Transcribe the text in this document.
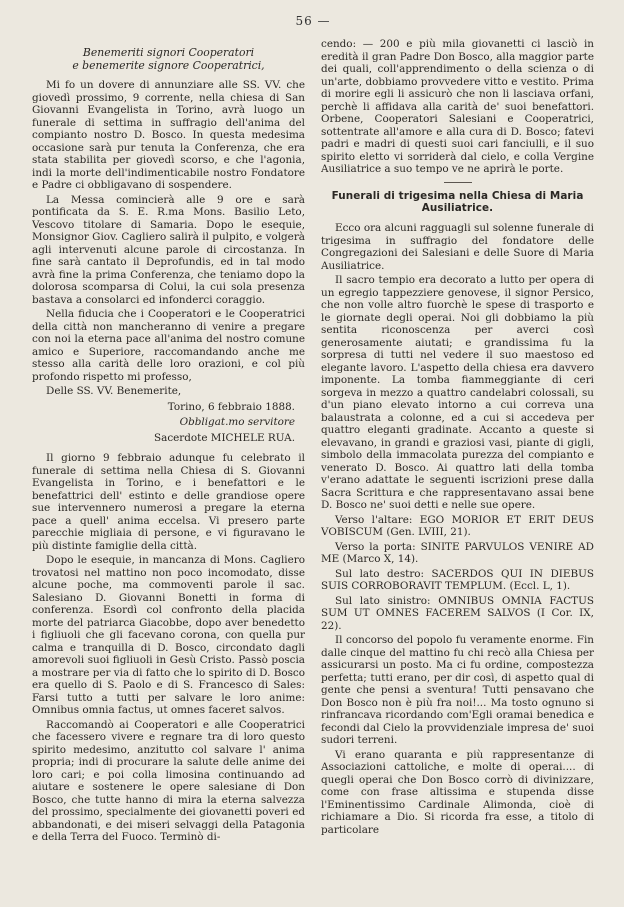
56 —
Benemeriti signori Cooperatori
e benemerite signore Cooperatrici,

Mi fo un dovere di annunziare alle SS. VV. che giovedì prossimo, 9 corrente, nella chiesa di San Giovanni Evangelista in Torino, avrà luogo un funerale di settima in suffragio dell'anima del compianto nostro D. Bosco. In questa medesima occasione sarà pur tenuta la Conferenza, che era stata stabilita per giovedì scorso, e che l'agonia, indi la morte dell'indimenticabile nostro Fondatore e Padre ci obbligavano di sospendere.

La Messa comincierà alle 9 ore e sarà pontificata da S. E. R.ma Mons. Basilio Leto, Vescovo titolare di Samaria. Dopo le esequie, Monsignor Giov. Cagliero salirà il pulpito, e volgerà agli intervenuti alcune parole di circostanza. In fine sarà cantato il Deprofundis, ed in tal modo avrà fine la prima Conferenza, che teniamo dopo la dolorosa scomparsa di Colui, la cui sola presenza bastava a consolarci ed infonderci coraggio.

Nella fiducia che i Cooperatori e le Cooperatrici della città non mancheranno di venire a pregare con noi la eterna pace all'anima del nostro comune amico e Superiore, raccomandando anche me stesso alla carità delle loro orazioni, e col più profondo rispetto mi professo,

Delle SS. VV. Benemerite,

Torino, 6 febbraio 1888.
Obbligat.mo servitore
Sacerdote MICHELE RUA.

Il giorno 9 febbraio adunque fu celebrato il funerale di settima nella Chiesa di S. Giovanni Evangelista in Torino, e i benefattori e le benefattrici dell' estinto e delle grandiose opere sue intervennero numerosi a pregare la eterna pace a quell' anima eccelsa. Vi presero parte parecchie migliaia di persone, e vi figuravano le più distinte famiglie della città.

Dopo le esequie, in mancanza di Mons. Cagliero trovatosi nel mattino non poco incomodato, disse alcune poche, ma commoventi parole il sac. Salesiano D. Giovanni Bonetti in forma di conferenza. Esordì col confronto della placida morte del patriarca Giacobbe, dopo aver benedetto i figliuoli che gli facevano corona, con quella pur calma e tranquilla di D. Bosco, circondato dagli amorevoli suoi figliuoli in Gesù Cristo. Passò poscia a mostrare per via di fatto che lo spirito di D. Bosco era quello di S. Paolo e di S. Francesco di Sales: Farsi tutto a tutti per salvare le loro anime: Omnibus omnia factus, ut omnes faceret salvos.

Raccomandò ai Cooperatori e alle Cooperatrici che facessero vivere e regnare tra di loro questo spirito medesimo, anzitutto col salvare l' anima propria; indi di procurare la salute delle anime dei loro cari; e poi colla limosina continuando ad aiutare e sostenere le opere salesiane di Don Bosco, che tutte hanno di mira la eterna salvezza del prossimo, specialmente dei giovanetti poveri ed abbandonati, e dei miseri selvaggi della Patagonia e della Terra del Fuoco. Terminò di-

cendo: — 200 e più mila giovanetti ci lasciò in eredità il gran Padre Don Bosco, alla maggior parte dei quali, coll'apprendimento o della scienza o di un'arte, dobbiamo provvedere vitto e vestito. Prima di morire egli li assicurò che non li lasciava orfani, perchè li affidava alla carità de' suoi benefattori. Orbene, Cooperatori Salesiani e Cooperatrici, sottentrate all'amore e alla cura di D. Bosco; fatevi padri e madri di questi suoi cari fanciulli, e il suo spirito eletto vi sorriderà dal cielo, e colla Vergine Ausiliatrice a suo tempo ve ne aprirà le porte.

Funerali di trigesima nella Chiesa di Maria Ausiliatrice.

Ecco ora alcuni ragguagli sul solenne funerale di trigesima in suffragio del fondatore delle Congregazioni dei Salesiani e delle Suore di Maria Ausiliatrice.

Il sacro tempio era decorato a lutto per opera di un egregio tappezziere genovese, il signor Persico, che non volle altro fuorchè le spese di trasporto e le giornate degli operai. Noi gli dobbiamo la più sentita riconoscenza per averci così generosamente aiutati; e grandissima fu la sorpresa di tutti nel vedere il suo maestoso ed elegante lavoro. L'aspetto della chiesa era davvero imponente. La tomba fiammeggiante di ceri sorgeva in mezzo a quattro candelabri colossali, su d'un piano elevato intorno a cui correva una balaustrata a colonne, ed a cui si accedeva per quattro eleganti gradinate. Accanto a queste si elevavano, in grandi e graziosi vasi, piante di gigli, simbolo della immacolata purezza del compianto e venerato D. Bosco. Ai quattro lati della tomba v'erano adattate le seguenti iscrizioni prese dalla Sacra Scrittura e che rappresentavano assai bene D. Bosco ne' suoi detti e nelle sue opere.

Verso l'altare: EGO MORIOR ET ERIT DEUS VOBISCUM (Gen. LVIII, 21).

Verso la porta: SINITE PARVULOS VENIRE AD ME (Marco X, 14).

Sul lato destro: SACERDOS QUI IN DIEBUS SUIS CORROBORAVIT TEMPLUM. (Eccl. L, 1).

Sul lato sinistro: OMNIBUS OMNIA FACTUS SUM UT OMNES FACEREM SALVOS (I Cor. IX, 22).

Il concorso del popolo fu veramente enorme. Fin dalle cinque del mattino fu chi recò alla Chiesa per assicurarsi un posto. Ma ci fu ordine, compostezza perfetta; tutti erano, per dir così, di aspetto qual di gente che pensi a sventura! Tutti pensavano che Don Bosco non è più fra noi!... Ma tosto ognuno si rinfrancava ricordando com'Egli oramai benedica e fecondi dal Cielo la provvidenziale impresa de' suoi sudori terreni.

Vi erano quaranta e più rappresentanze di Associazioni cattoliche, e molte di operai.... di quegli operai che Don Bosco corrò di divinizzare, come con frase altissima e stupenda disse l'Eminentissimo Cardinale Alimonda, cioè di richiamare a Dio. Si ricorda fra esse, a titolo di particolare
